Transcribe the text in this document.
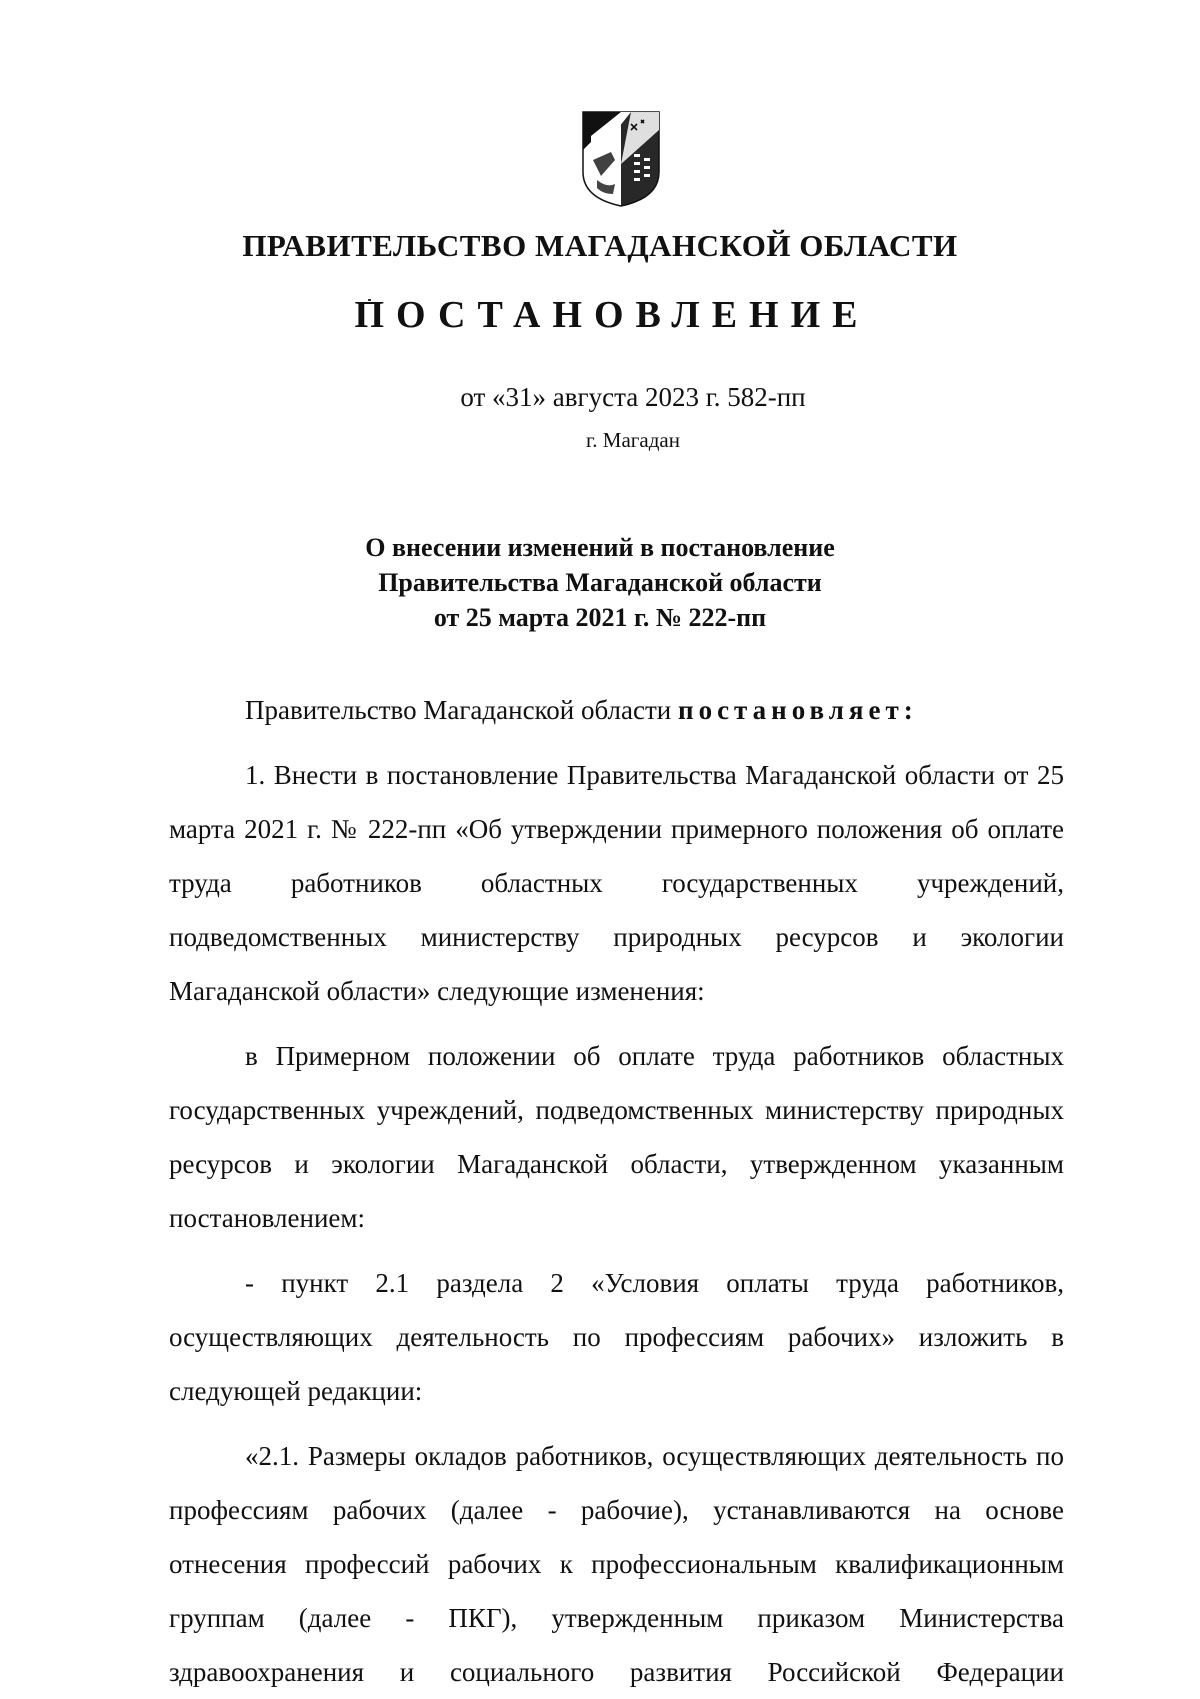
ПРАВИТЕЛЬСТВО МАГАДАНСКОЙ ОБЛАСТИ
ПОСТАНОВЛЕНИЕ
от «31» августа 2023 г. 582-пп
г. Магадан
О внесении изменений в постановление
Правительства Магаданской области
от 25 марта 2021 г. № 222-пп

Правительство Магаданской области постановляет:

1. Внести в постановление Правительства Магаданской области от 25 марта 2021 г. № 222-пп «Об утверждении примерного положения об оплате труда работников областных государственных учреждений, подведомственных министерству природных ресурсов и экологии Магаданской области» следующие изменения:

в Примерном положении об оплате труда работников областных государственных учреждений, подведомственных министерству природных ресурсов и экологии Магаданской области, утвержденном указанным постановлением:

- пункт 2.1 раздела 2 «Условия оплаты труда работников, осуществляющих деятельность по профессиям рабочих» изложить в следующей редакции:

«2.1. Размеры окладов работников, осуществляющих деятельность по профессиям рабочих (далее - рабочие), устанавливаются на основе отнесения профессий рабочих к профессиональным квалификационным группам (далее - ПКГ), утвержденным приказом Министерства здравоохранения и социального развития Российской Федерации
